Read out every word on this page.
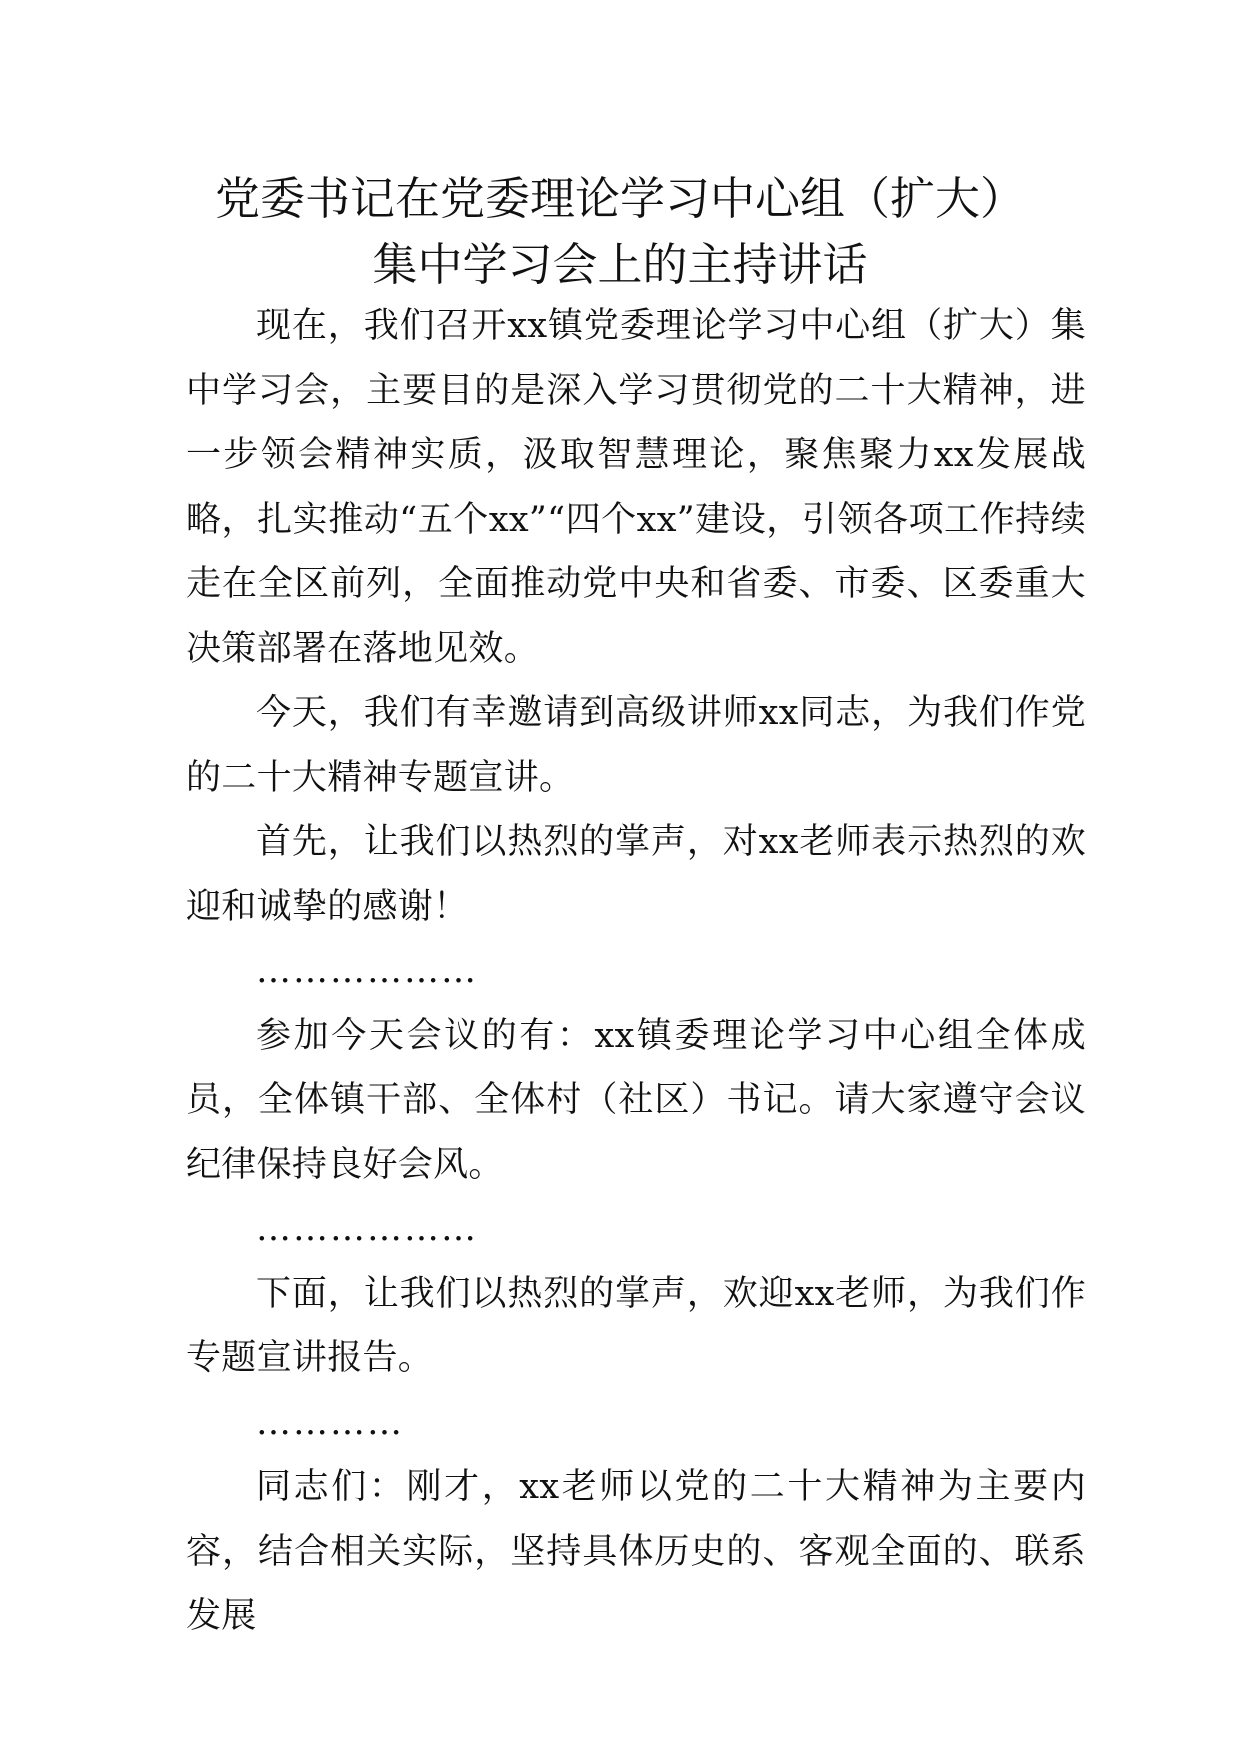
党委书记在党委理论学习中心组（扩大）
集中学习会上的主持讲话

现在，我们召开xx镇党委理论学习中心组（扩大）集中学习会，主要目的是深入学习贯彻党的二十大精神，进一步领会精神实质，汲取智慧理论，聚焦聚力xx发展战略，扎实推动“五个xx”“四个xx”建设，引领各项工作持续走在全区前列，全面推动党中央和省委、市委、区委重大决策部署在落地见效。

今天，我们有幸邀请到高级讲师xx同志，为我们作党的二十大精神专题宣讲。

首先，让我们以热烈的掌声，对xx老师表示热烈的欢迎和诚挚的感谢！

………………

参加今天会议的有：xx镇委理论学习中心组全体成员，全体镇干部、全体村（社区）书记。请大家遵守会议纪律保持良好会风。

………………

下面，让我们以热烈的掌声，欢迎xx老师，为我们作专题宣讲报告。

…………

同志们：刚才，xx老师以党的二十大精神为主要内容，结合相关实际，坚持具体历史的、客观全面的、联系发展
